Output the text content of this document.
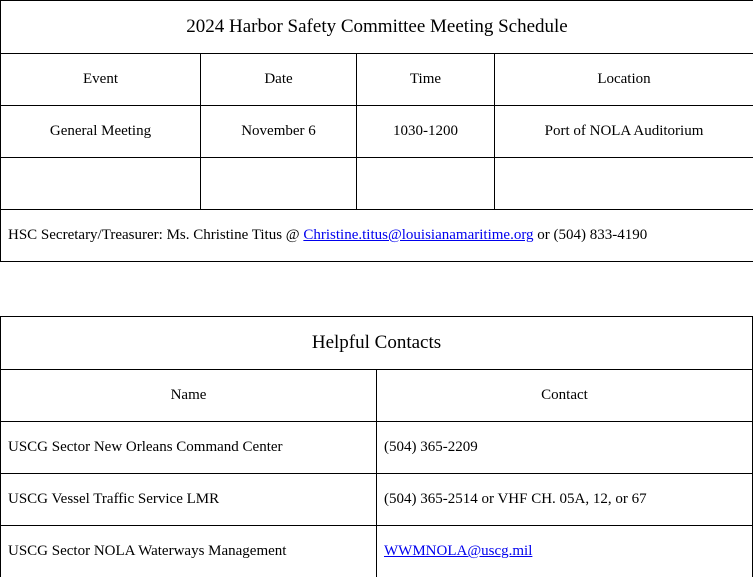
2024 Harbor Safety Committee Meeting Schedule			
Event	Date	Time	Location
General Meeting	November 6	1030-1200	Port of NOLA Auditorium

HSC Secretary/Treasurer: Ms. Christine Titus @ Christine.titus@louisianamaritime.org or (504) 833-4190			
Helpful Contacts	
Name	Contact
USCG Sector New Orleans Command Center	(504) 365-2209
USCG Vessel Traffic Service LMR	(504) 365-2514 or VHF CH. 05A, 12, or 67
USCG Sector NOLA Waterways Management	WWMNOLA@uscg.mil
